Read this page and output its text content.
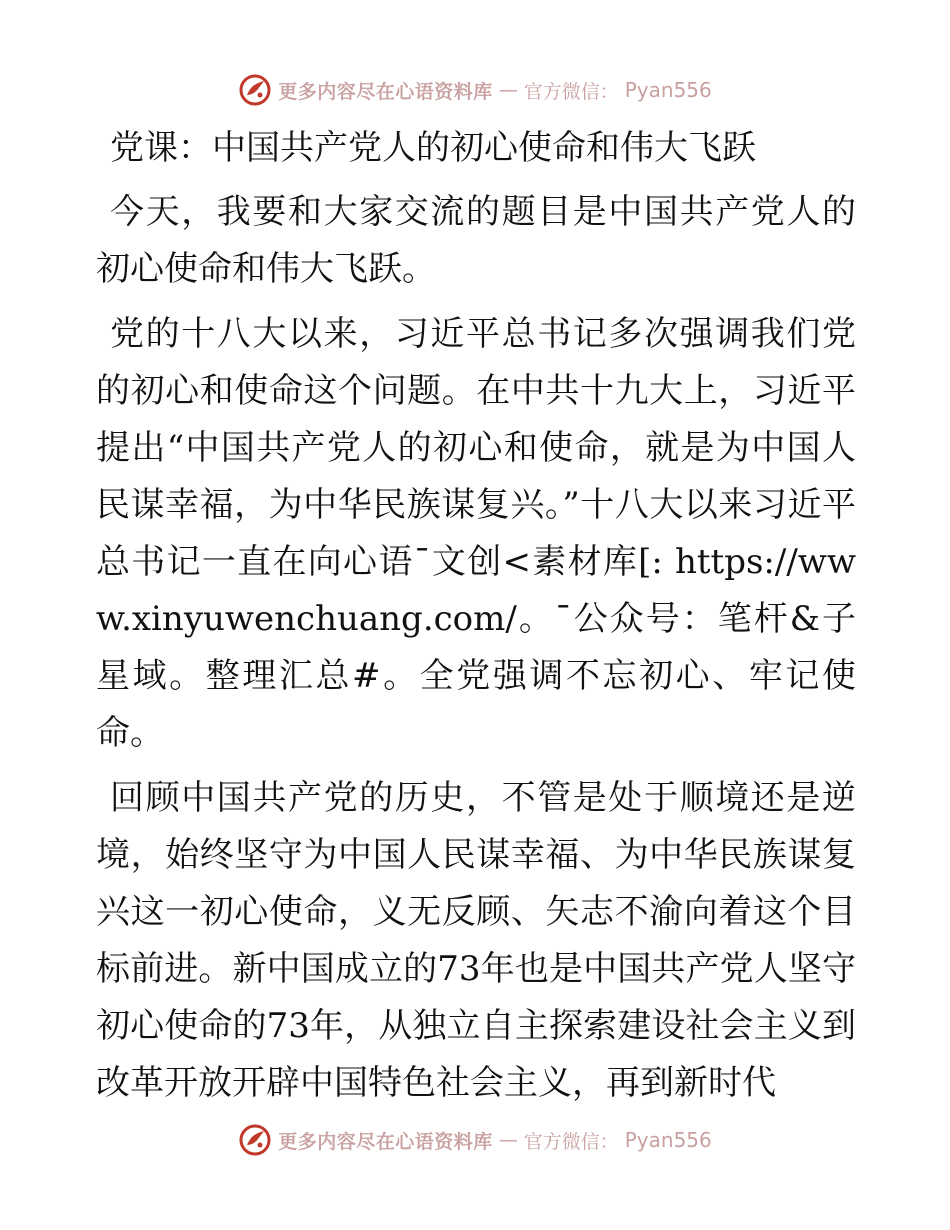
更多内容尽在心语资料库 — 官方微信： Pyan556
党课：中国共产党人的初心使命和伟大飞跃

今天，我要和大家交流的题目是中国共产党人的初心使命和伟大飞跃。

党的十八大以来，习近平总书记多次强调我们党的初心和使命这个问题。在中共十九大上，习近平提出“中国共产党人的初心和使命，就是为中国人民谋幸福，为中华民族谋复兴。”十八大以来习近平总书记一直在向心语¯文创<素材库[: https://www.xinyuwenchuang.com/。¯公众号：笔杆&子星域。整理汇总#。全党强调不忘初心、牢记使命。

回顾中国共产党的历史，不管是处于顺境还是逆境，始终坚守为中国人民谋幸福、为中华民族谋复兴这一初心使命，义无反顾、矢志不渝向着这个目标前进。新中国成立的73年也是中国共产党人坚守初心使命的73年，从独立自主探索建设社会主义到改革开放开辟中国特色社会主义，再到新时代

更多内容尽在心语资料库 — 官方微信： Pyan556
